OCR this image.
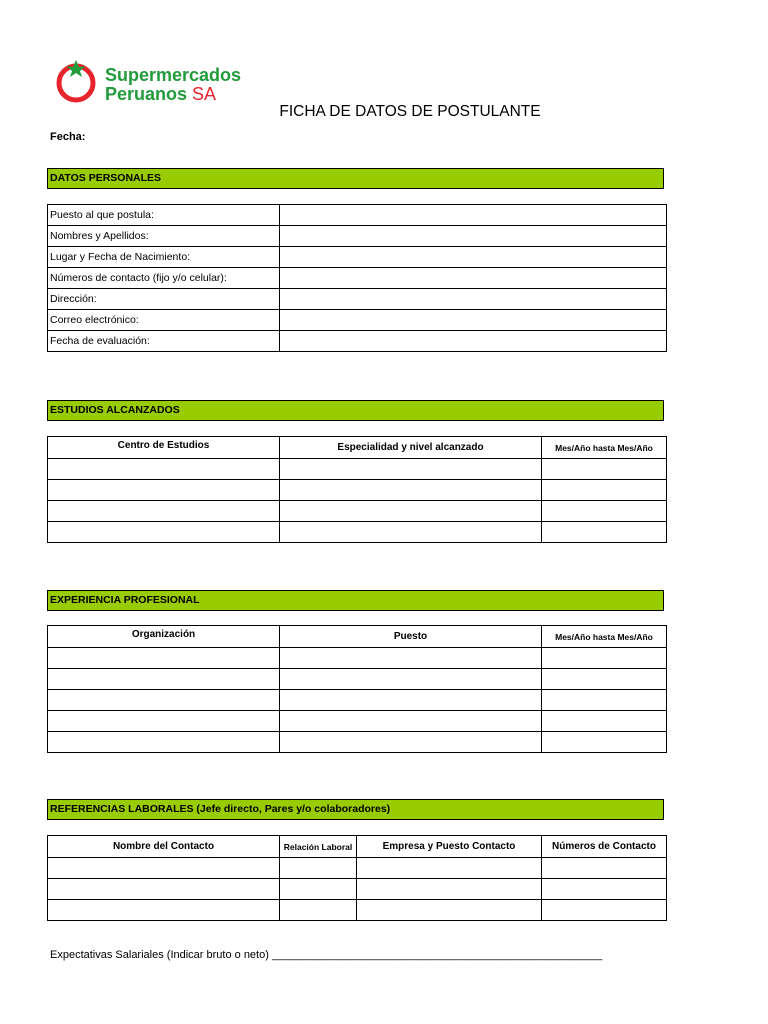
Supermercados
Peruanos SA
FICHA DE DATOS DE POSTULANTE
Fecha:
DATOS PERSONALES
Puesto al que postula:	
Nombres y Apellidos:	
Lugar y Fecha de Nacimiento:	
Números de contacto (fijo y/o celular):	
Dirección:	
Correo electrónico:	
Fecha de evaluación:	
ESTUDIOS ALCANZADOS
Centro de Estudios	Especialidad y nivel alcanzado	Mes/Año hasta Mes/Año

EXPERIENCIA PROFESIONAL
Organización	Puesto	Mes/Año hasta Mes/Año

REFERENCIAS LABORALES (Jefe directo, Pares y/o colaboradores)
Nombre del Contacto	Relación Laboral	Empresa y Puesto Contacto	Números de Contacto

Expectativas Salariales (Indicar bruto o neto) ______________________________________________________
